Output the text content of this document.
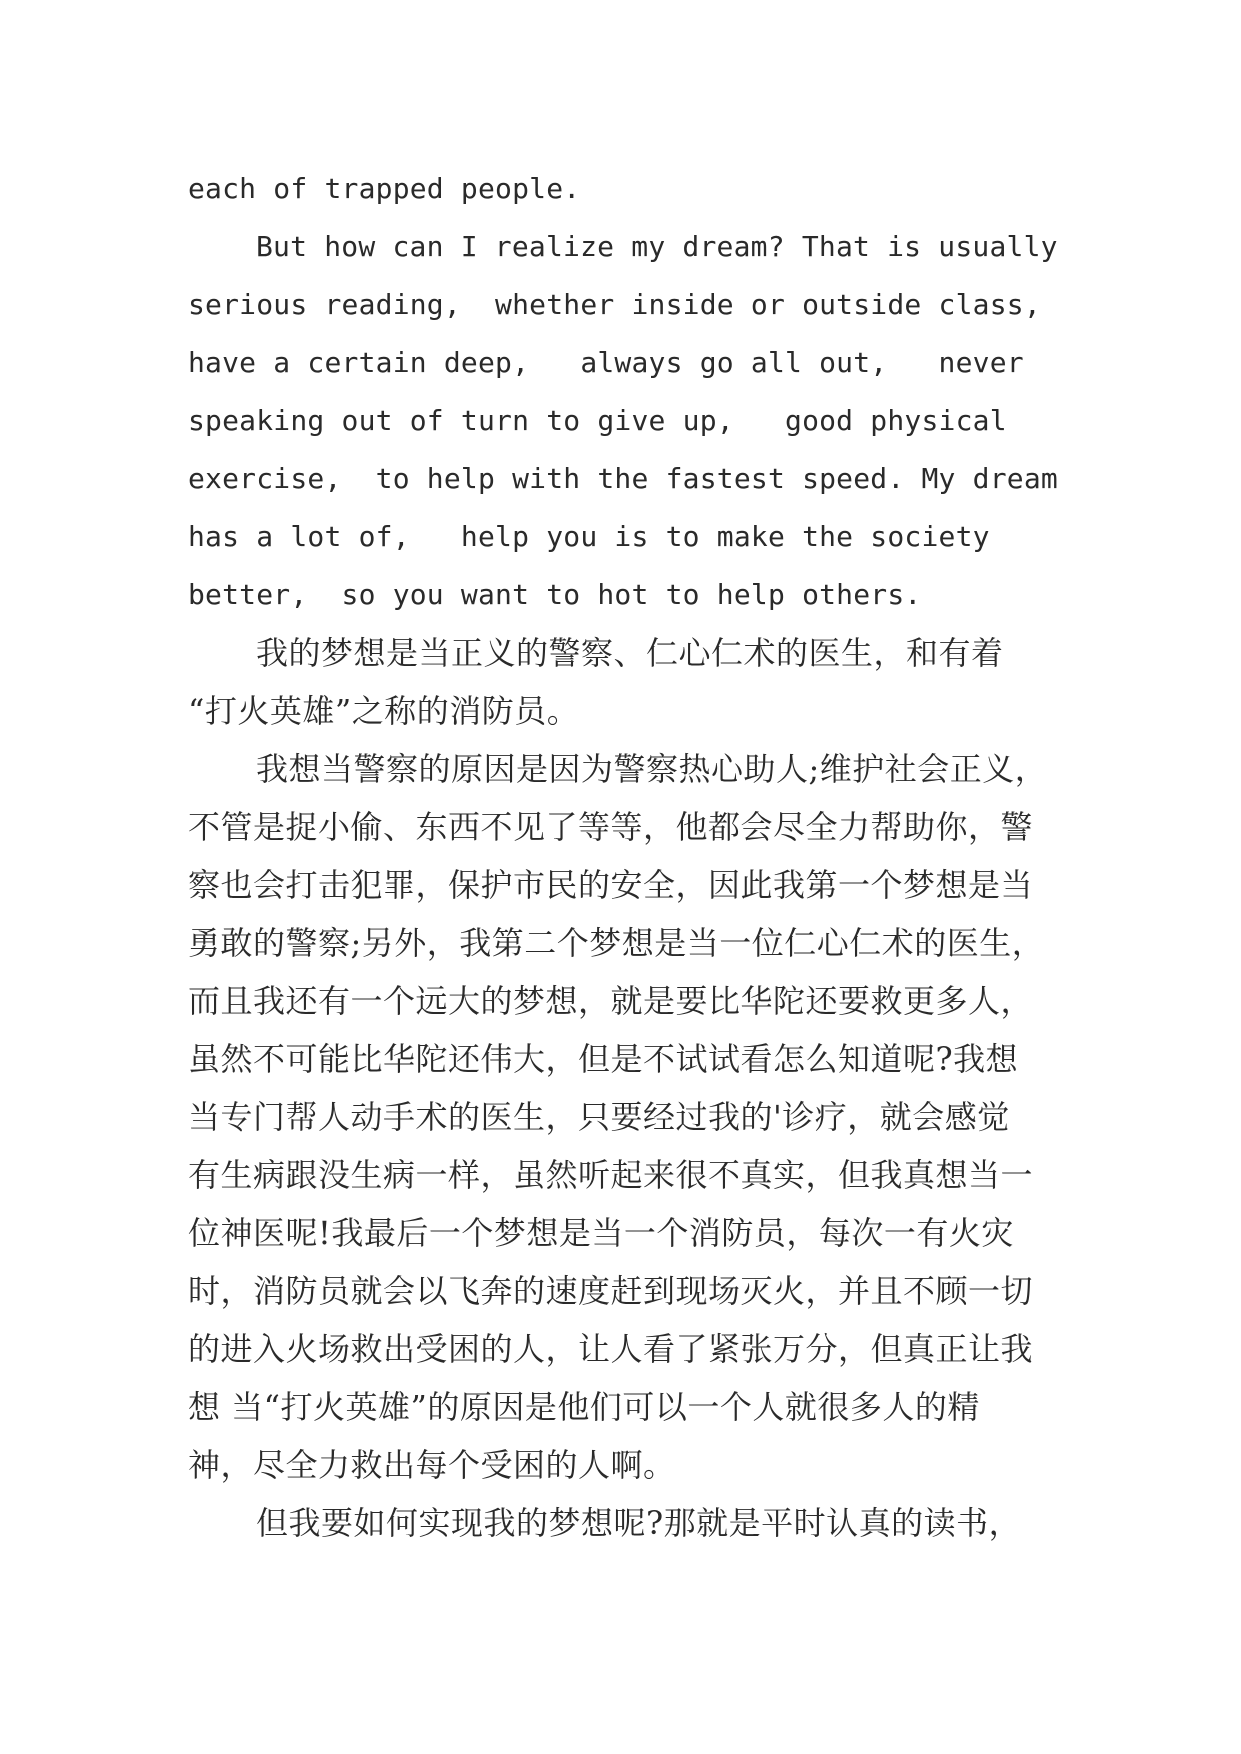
each of trapped people.
But how can I realize my dream? That is usually
serious reading,  whether inside or outside class,
have a certain deep,   always go all out,   never
speaking out of turn to give up,   good physical
exercise,  to help with the fastest speed. My dream
has a lot of,   help you is to make the society
better,  so you want to hot to help others.
我的梦想是当正义的警察、仁心仁术的医生，和有着
“打火英雄”之称的消防员。
我想当警察的原因是因为警察热心助人;维护社会正义，
不管是捉小偷、东西不见了等等，他都会尽全力帮助你，警
察也会打击犯罪，保护市民的安全，因此我第一个梦想是当
勇敢的警察;另外，我第二个梦想是当一位仁心仁术的医生，
而且我还有一个远大的梦想，就是要比华陀还要救更多人，
虽然不可能比华陀还伟大，但是不试试看怎么知道呢?我想
当专门帮人动手术的医生，只要经过我的'诊疗，就会感觉
有生病跟没生病一样，虽然听起来很不真实，但我真想当一
位神医呢!我最后一个梦想是当一个消防员，每次一有火灾
时，消防员就会以飞奔的速度赶到现场灭火，并且不顾一切
的进入火场救出受困的人，让人看了紧张万分，但真正让我
想 当“打火英雄”的原因是他们可以一个人就很多人的精
神，尽全力救出每个受困的人啊。
但我要如何实现我的梦想呢?那就是平时认真的读书，
